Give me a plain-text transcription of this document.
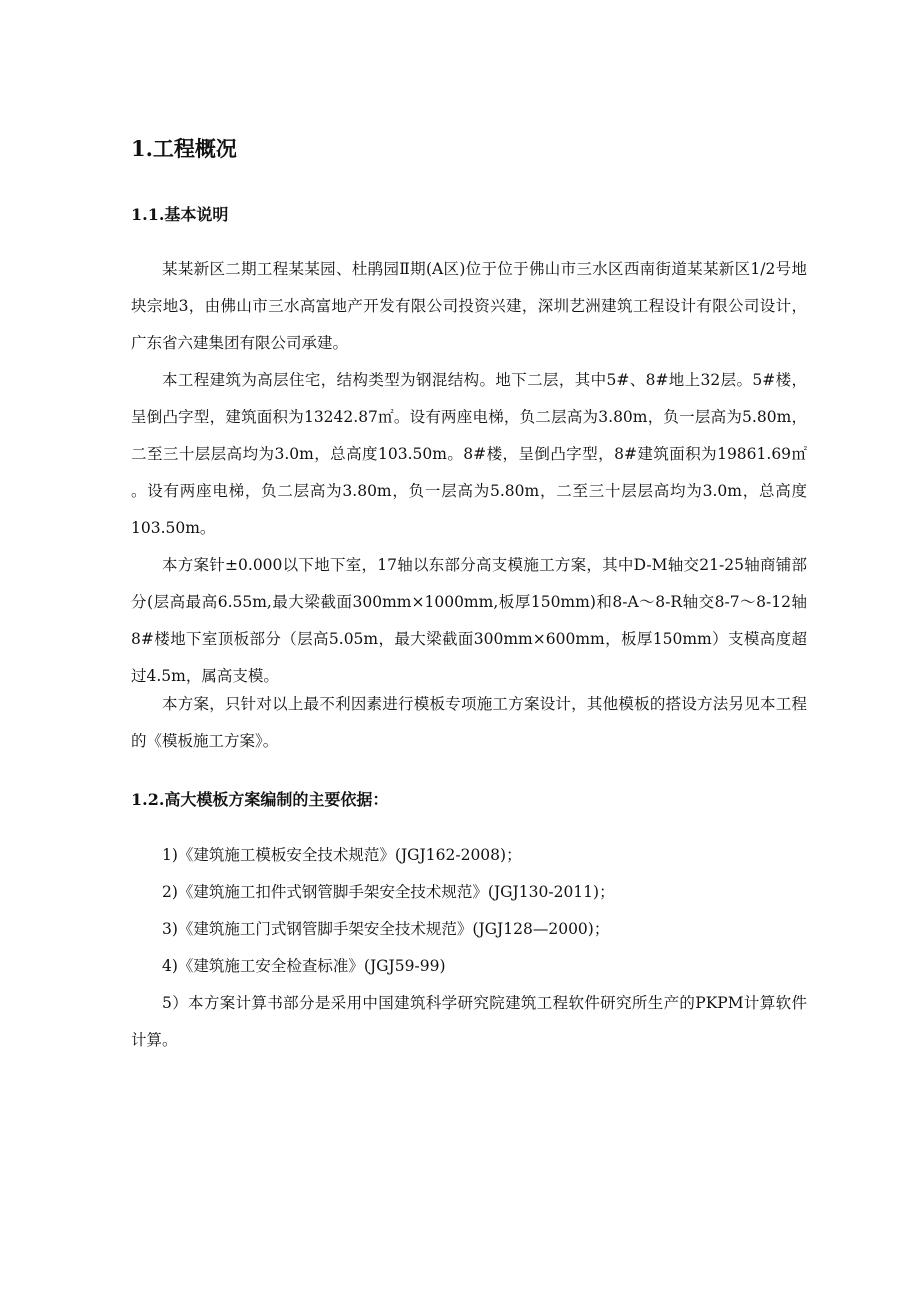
1.工程概况
1.1.基本说明

某某新区二期工程某某园、杜鹃园Ⅱ期(A区)位于位于佛山市三水区西南街道某某新区1/2号地块宗地3，由佛山市三水高富地产开发有限公司投资兴建，深圳艺洲建筑工程设计有限公司设计，广东省六建集团有限公司承建。

本工程建筑为高层住宅，结构类型为钢混结构。地下二层，其中5#、8#地上32层。5#楼，呈倒凸字型，建筑面积为13242.87㎡。设有两座电梯，负二层高为3.80m，负一层高为5.80m，二至三十层层高均为3.0m，总高度103.50m。8#楼，呈倒凸字型，8#建筑面积为19861.69㎡ 。设有两座电梯，负二层高为3.80m，负一层高为5.80m，二至三十层层高均为3.0m，总高度103.50m。

本方案针±0.000以下地下室，17轴以东部分高支模施工方案，其中D-M轴交21-25轴商铺部分(层高最高6.55m,最大梁截面300mm×1000mm,板厚150mm)和8-A～8-R轴交8-7～8-12轴8#楼地下室顶板部分（层高5.05m，最大梁截面300mm×600mm，板厚150mm）支模高度超过4.5m，属高支模。

本方案，只针对以上最不利因素进行模板专项施工方案设计，其他模板的搭设方法另见本工程的《模板施工方案》。

1.2.高大模板方案编制的主要依据：

1)《建筑施工模板安全技术规范》(JGJ162-2008)；

2)《建筑施工扣件式钢管脚手架安全技术规范》(JGJ130-2011)；

3)《建筑施工门式钢管脚手架安全技术规范》(JGJ128—2000)；

4)《建筑施工安全检查标准》(JGJ59-99)

5）本方案计算书部分是采用中国建筑科学研究院建筑工程软件研究所生产的PKPM计算软件计算。
